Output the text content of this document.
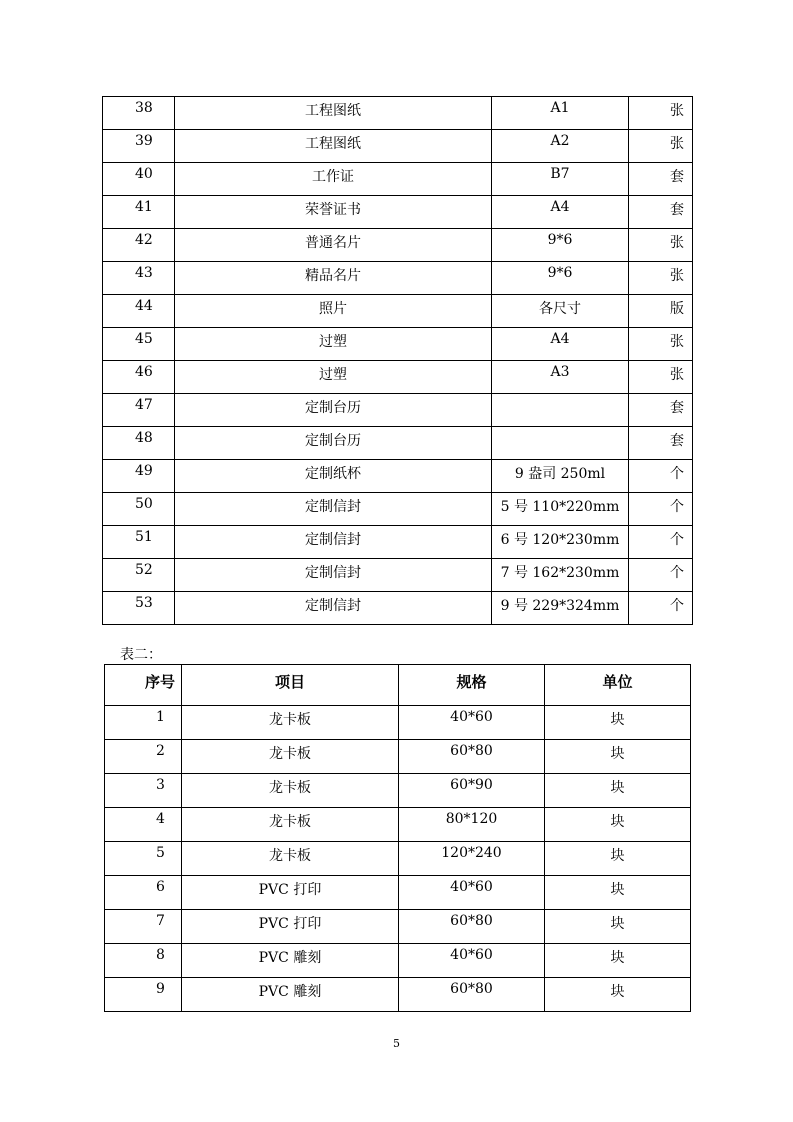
38	工程图纸	A1	张
39	工程图纸	A2	张
40	工作证	B7	套
41	荣誉证书	A4	套
42	普通名片	9*6	张
43	精品名片	9*6	张
44	照片	各尺寸	版
45	过塑	A4	张
46	过塑	A3	张
47	定制台历		套
48	定制台历		套
49	定制纸杯	9 盎司 250ml	个
50	定制信封	5 号 110*220mm	个
51	定制信封	6 号 120*230mm	个
52	定制信封	7 号 162*230mm	个
53	定制信封	9 号 229*324mm	个
表二：
序号	项目	规格	单位
1	龙卡板	40*60	块
2	龙卡板	60*80	块
3	龙卡板	60*90	块
4	龙卡板	80*120	块
5	龙卡板	120*240	块
6	PVC 打印	40*60	块
7	PVC 打印	60*80	块
8	PVC 雕刻	40*60	块
9	PVC 雕刻	60*80	块
5
